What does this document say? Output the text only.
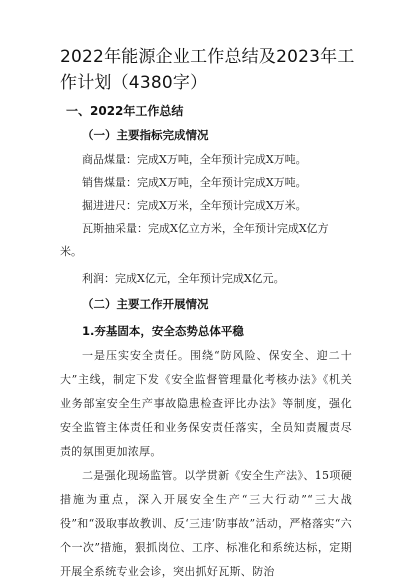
2022年能源企业工作总结及2023年工作计划（4380字）
一、2022年工作总结
（一）主要指标完成情况
商品煤量：完成X万吨，全年预计完成X万吨。
销售煤量：完成X万吨，全年预计完成X万吨。
掘进进尺：完成X万米，全年预计完成X万米。
瓦斯抽采量：完成X亿立方米，全年预计完成X亿方
米。
利润：完成X亿元，全年预计完成X亿元。
（二）主要工作开展情况
1.夯基固本，安全态势总体平稳
一是压实安全责任。围绕“防风险、保安全、迎二十大”主线，制定下发《安全监督管理量化考核办法》《机关业务部室安全生产事故隐患检查评比办法》等制度，强化安全监管主体责任和业务保安责任落实，全员知责履责尽责的氛围更加浓厚。
二是强化现场监管。以学贯新《安全生产法》、15项硬措施为重点，深入开展安全生产“三大行动”“三大战役”和“汲取事故教训、反‘三违’防事故”活动，严格落实“六个一次”措施，狠抓岗位、工序、标准化和系统达标，定期开展全系统专业会诊，突出抓好瓦斯、防治
